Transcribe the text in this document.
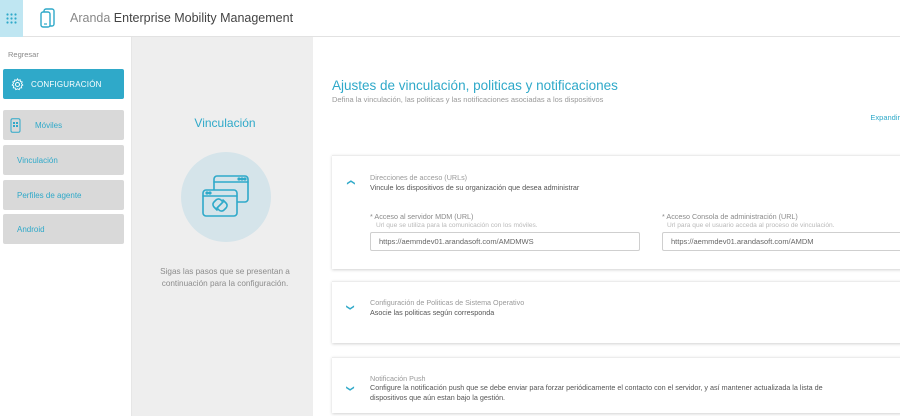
Aranda Enterprise Mobility Management
Regresar
CONFIGURACIÓN
Móviles
Vinculación
Perfiles de agente
Android
Vinculación
Sigas las pasos que se presentan a continuación para la configuración.
Ajustes de vinculación, politicas y notificaciones
Defina la vinculación, las politicas y las notificaciones asociadas a los dispositivos
Expandir
❯
Direcciones de acceso (URLs)
Vincule los dispositivos de su organización que desea administrar
* Acceso al servidor MDM (URL)
Url que se utiliza para la comunicación con los móviles.
https://aemmdev01.arandasoft.com/AMDMWS
* Acceso Consola de administración (URL)
Url para que el usuario acceda al proceso de vinculación.
https://aemmdev01.arandasoft.com/AMDM
❯
Configuración de Politicas de Sistema Operativo
Asocie las politicas según corresponda
❯
Notificación Push
Configure la notificación push que se debe enviar para forzar periódicamente el contacto con el servidor, y así mantener actualizada la lista de dispositivos que aún estan bajo la gestión.
